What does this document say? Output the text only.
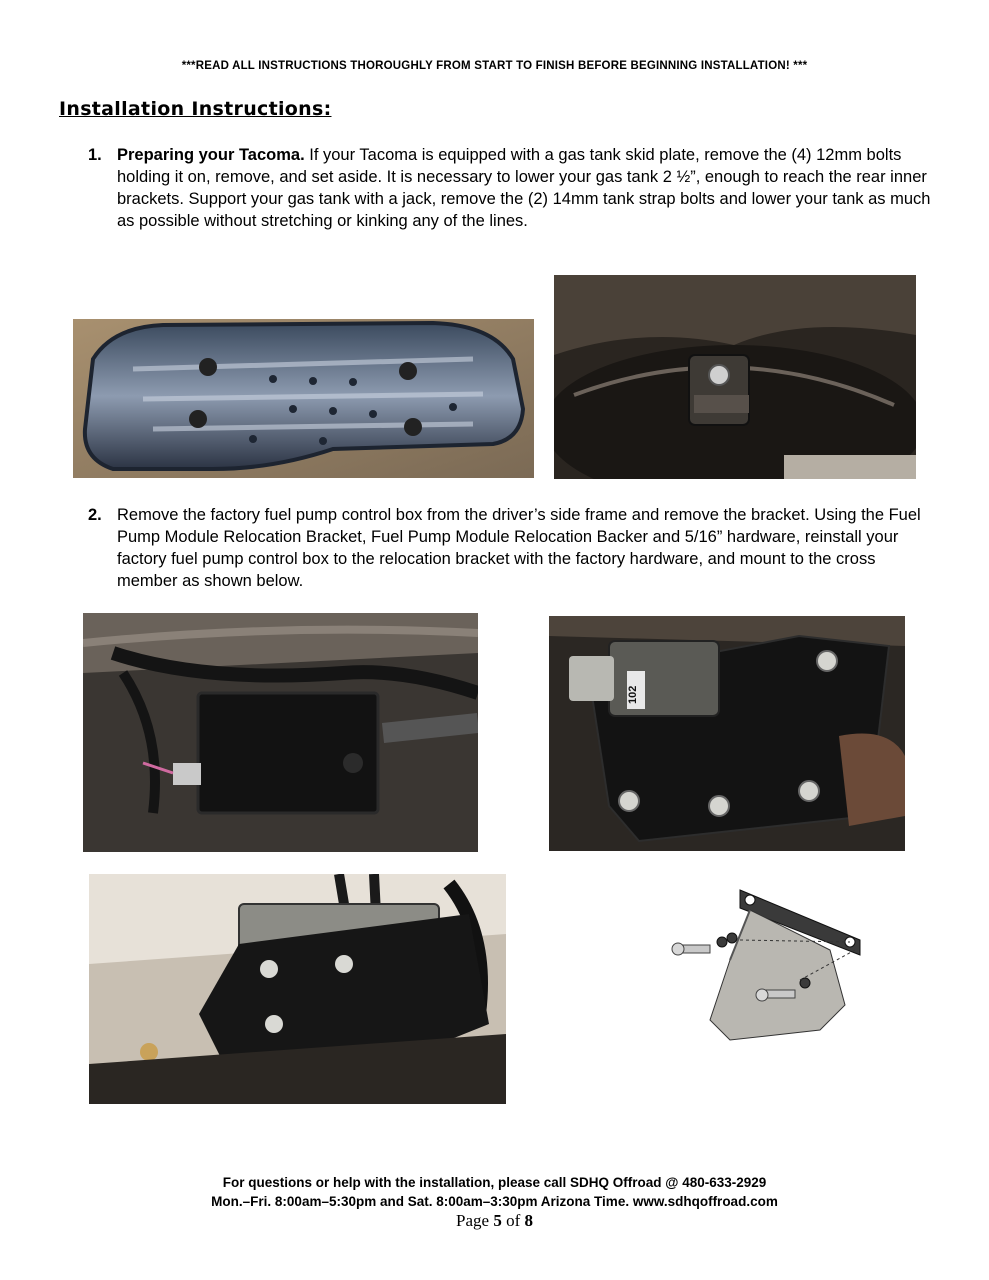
***READ ALL INSTRUCTIONS THOROUGHLY FROM START TO FINISH BEFORE BEGINNING INSTALLATION! ***
Installation Instructions:
1. Preparing your Tacoma. If your Tacoma is equipped with a gas tank skid plate, remove the (4) 12mm bolts holding it on, remove, and set aside. It is necessary to lower your gas tank 2 ½”, enough to reach the rear inner brackets. Support your gas tank with a jack, remove the (2) 14mm tank strap bolts and lower your tank as much as possible without stretching or kinking any of the lines.
2. Remove the factory fuel pump control box from the driver’s side frame and remove the bracket. Using the Fuel Pump Module Relocation Bracket, Fuel Pump Module Relocation Backer and 5/16” hardware, reinstall your factory fuel pump control box to the relocation bracket with the factory hardware, and mount to the cross member as shown below.
102
For questions or help with the installation, please call SDHQ Offroad @ 480-633-2929
Mon.–Fri. 8:00am–5:30pm and Sat. 8:00am–3:30pm Arizona Time. www.sdhqoffroad.com
Page 5 of 8
